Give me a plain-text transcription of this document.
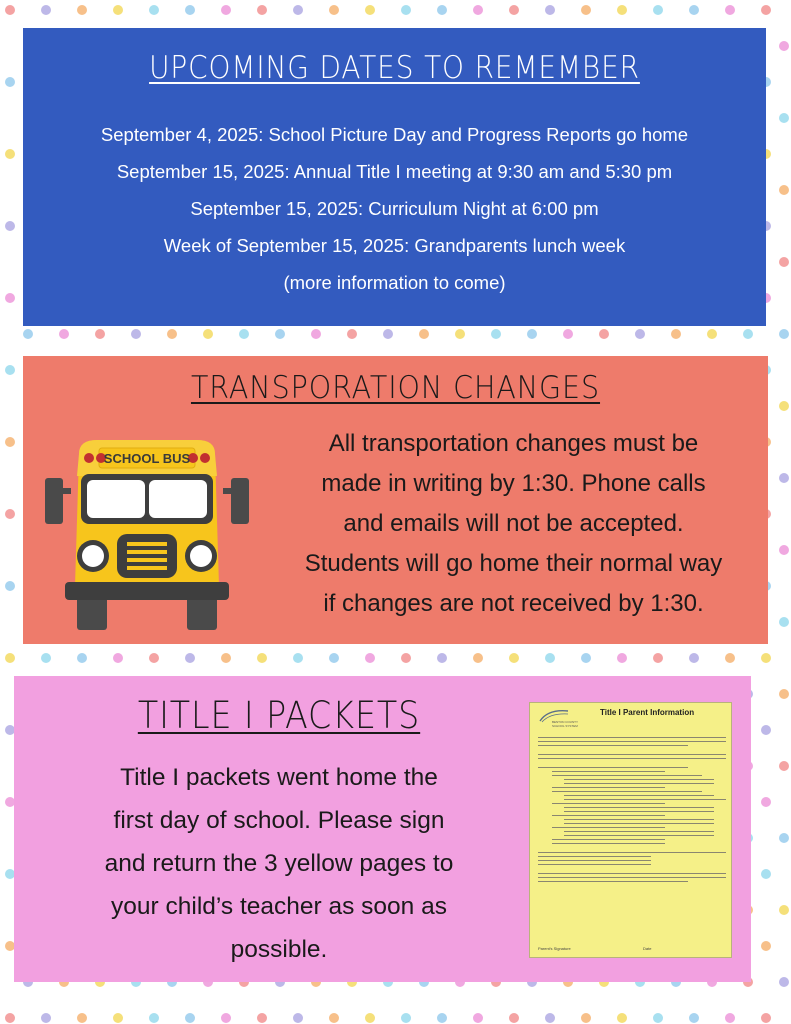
UPCOMING DATES TO REMEMBER
September 4, 2025: School Picture Day and Progress Reports go home
September 15, 2025: Annual Title I meeting at 9:30 am and 5:30 pm
September 15, 2025: Curriculum Night at 6:00 pm
Week of September 15, 2025: Grandparents lunch week
(more information to come)
TRANSPORATION CHANGES
SCHOOL BUS
All transportation changes must be
made in writing by 1:30. Phone calls
and emails will not be accepted.
Students will go home their normal way
if changes are not received by 1:30.
TITLE I PACKETS
Title I packets went home the
first day of school. Please sign
and return the 3 yellow pages to
your child’s teacher as soon as
possible.
BENTON COUNTY
SCHOOL SYSTEM
Title I Parent Information
Parent's Signature	Date
